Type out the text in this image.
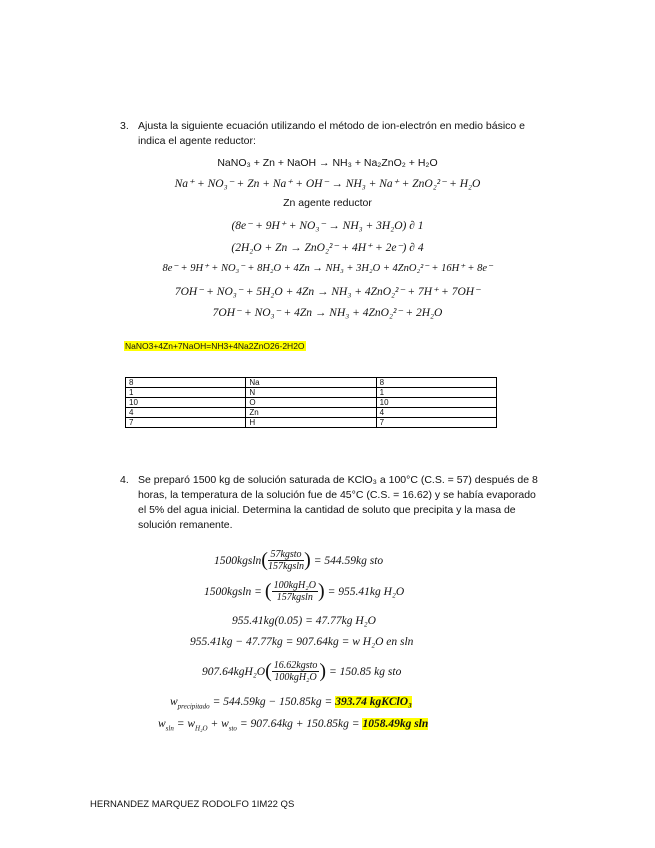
3. Ajusta la siguiente ecuación utilizando el método de ion-electrón en medio básico e
indica el agente reductor:
NaNO₃ + Zn + NaOH → NH₃ + Na₂ZnO₂ + H₂O
Na⁺ + NO₃⁻ + Zn + Na⁺ + OH⁻ → NH₃ + Na⁺ + ZnO₂²⁻ + H₂O
Zn agente reductor
(8e⁻ + 9H⁺ + NO₃⁻ → NH₃ + 3H₂O) ∂ 1
(2H₂O + Zn → ZnO₂²⁻ + 4H⁺ + 2e⁻) ∂ 4
8e⁻ + 9H⁺ + NO₃⁻ + 8H₂O + 4Zn → NH₃ + 3H₂O + 4ZnO₂²⁻ + 16H⁺ + 8e⁻
7OH⁻ + NO₃⁻ + 5H₂O + 4Zn → NH₃ + 4ZnO₂²⁻ + 7H⁺ + 7OH⁻
7OH⁻ + NO₃⁻ + 4Zn → NH₃ + 4ZnO₂²⁻ + 2H₂O
NaNO3+4Zn+7NaOH=NH3+4Na2ZnO26-2H2O
8	Na	8
1	N	1
10	O	10
4	Zn	4
7	H	7
4. Se preparó 1500 kg de solución saturada de KClO₃ a 100°C (C.S. = 57) después de 8
horas, la temperatura de la solución fue de 45°C (C.S. = 16.62) y se había evaporado
el 5% del agua inicial. Determina la cantidad de soluto que precipita y la masa de
solución remanente.
1500kgsln ( 57kgsto
157kgsln ) = 544.59kg sto
1500kgsln = ( 100kgH₂O
157kgsln ) = 955.41kg H₂O
955.41kg(0.05) = 47.77kg H₂O
955.41kg − 47.77kg = 907.64kg = w H₂O en sln
907.64kgH₂O ( 16.62kgsto
100kgH₂O ) = 150.85 kg sto
$w_{precipitado} = 544.59kg - 150.85kg = 393.74$ kgKClO₃
$w_{sln} = w_{H_2O} + w_{sto} = 907.64kg + 150.85kg = 1058.49kg$ sln
HERNANDEZ MARQUEZ RODOLFO 1IM22 QS
